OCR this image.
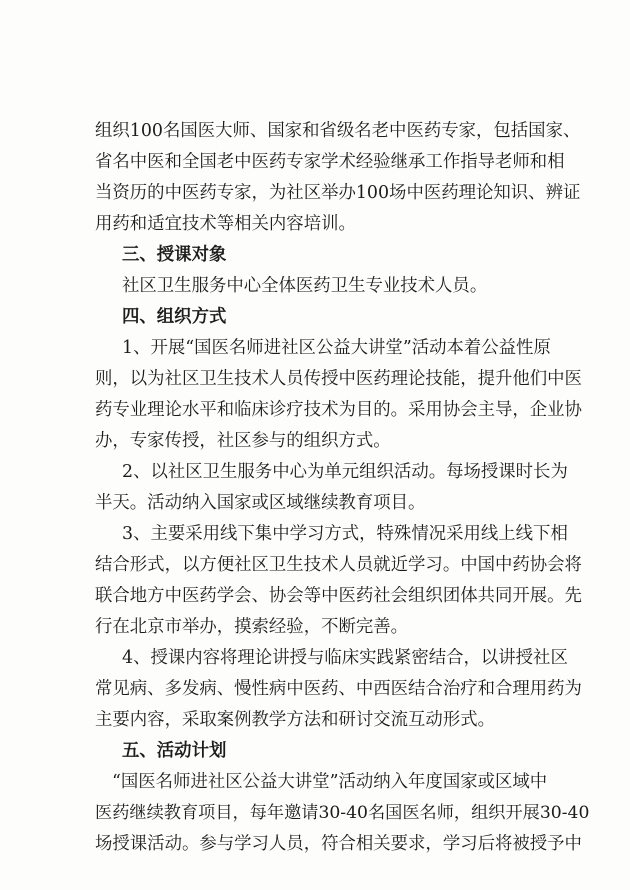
组织100名国医大师、国家和省级名老中医药专家，包括国家、
省名中医和全国老中医药专家学术经验继承工作指导老师和相
当资历的中医药专家，为社区举办100场中医药理论知识、辨证
用药和适宜技术等相关内容培训。
三、授课对象
社区卫生服务中心全体医药卫生专业技术人员。
四、组织方式
1、开展“国医名师进社区公益大讲堂”活动本着公益性原
则，以为社区卫生技术人员传授中医药理论技能，提升他们中医
药专业理论水平和临床诊疗技术为目的。采用协会主导，企业协
办，专家传授，社区参与的组织方式。
2、以社区卫生服务中心为单元组织活动。每场授课时长为
半天。活动纳入国家或区域继续教育项目。
3、主要采用线下集中学习方式，特殊情况采用线上线下相
结合形式，以方便社区卫生技术人员就近学习。中国中药协会将
联合地方中医药学会、协会等中医药社会组织团体共同开展。先
行在北京市举办，摸索经验，不断完善。
4、授课内容将理论讲授与临床实践紧密结合，以讲授社区
常见病、多发病、慢性病中医药、中西医结合治疗和合理用药为
主要内容，采取案例教学方法和研讨交流互动形式。
五、活动计划
“国医名师进社区公益大讲堂”活动纳入年度国家或区域中
医药继续教育项目，每年邀请30-40名国医名师，组织开展30-40
场授课活动。参与学习人员，符合相关要求，学习后将被授予中
